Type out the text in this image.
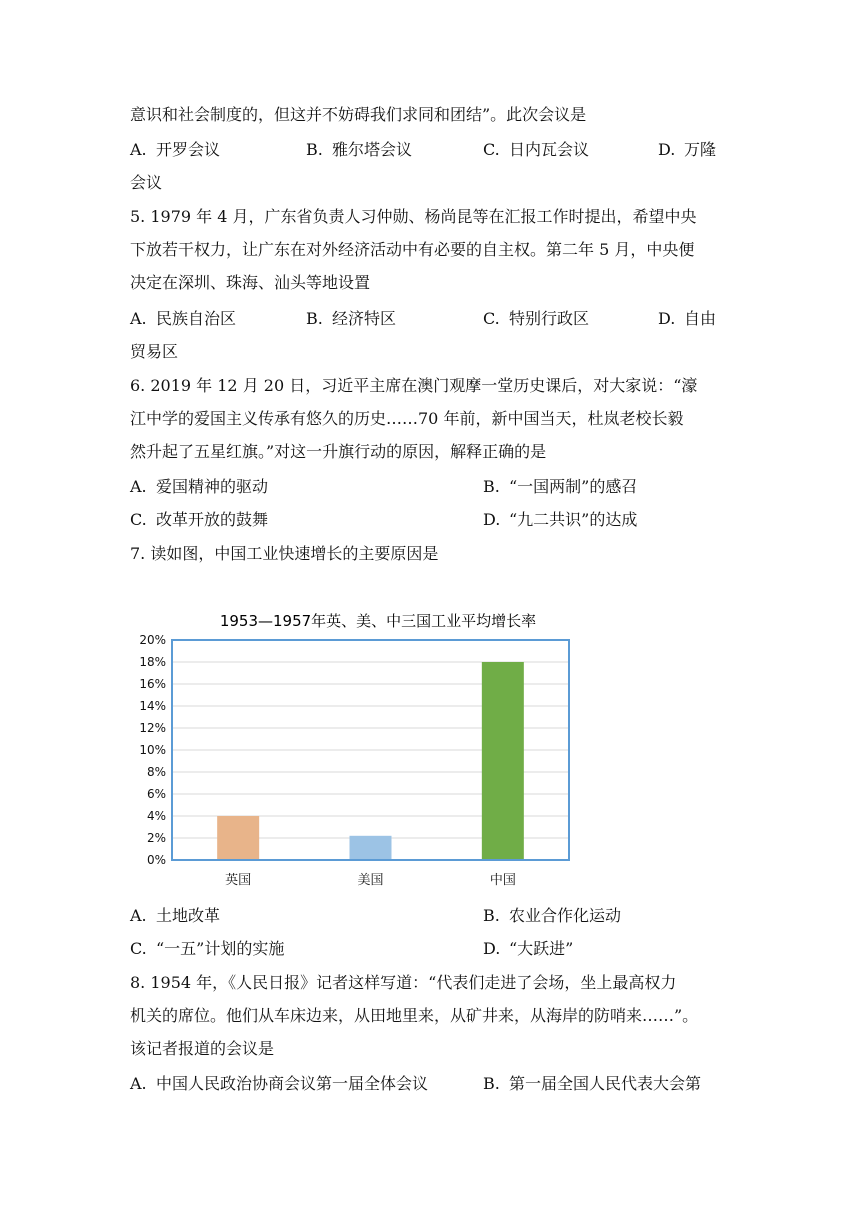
意识和社会制度的，但这并不妨碍我们求同和团结”。此次会议是
A. 开罗会议	B. 雅尔塔会议	C. 日内瓦会议	D. 万隆
会议
5. 1979 年 4 月，广东省负责人习仲勋、杨尚昆等在汇报工作时提出，希望中央
下放若干权力，让广东在对外经济活动中有必要的自主权。第二年 5 月，中央便
决定在深圳、珠海、汕头等地设置
A. 民族自治区	B. 经济特区	C. 特别行政区	D. 自由
贸易区
6. 2019 年 12 月 20 日，习近平主席在澳门观摩一堂历史课后，对大家说：“濠
江中学的爱国主义传承有悠久的历史……70 年前，新中国当天，杜岚老校长毅
然升起了五星红旗。”对这一升旗行动的原因，解释正确的是
A. 爱国精神的驱动	B. “一国两制”的感召
C. 改革开放的鼓舞	D. “九二共识”的达成
7. 读如图，中国工业快速增长的主要原因是
1953—1957年英、美、中三国工业平均增长率
0%
2%
4%
6%
8%
10%
12%
14%
16%
18%
20%
英国	美国	中国
A. 土地改革	B. 农业合作化运动
C. “一五”计划的实施	D. “大跃进”
8. 1954 年，《人民日报》记者这样写道：“代表们走进了会场，坐上最高权力
机关的席位。他们从车床边来，从田地里来，从矿井来，从海岸的防哨来……”。
该记者报道的会议是
A. 中国人民政治协商会议第一届全体会议	B. 第一届全国人民代表大会第
